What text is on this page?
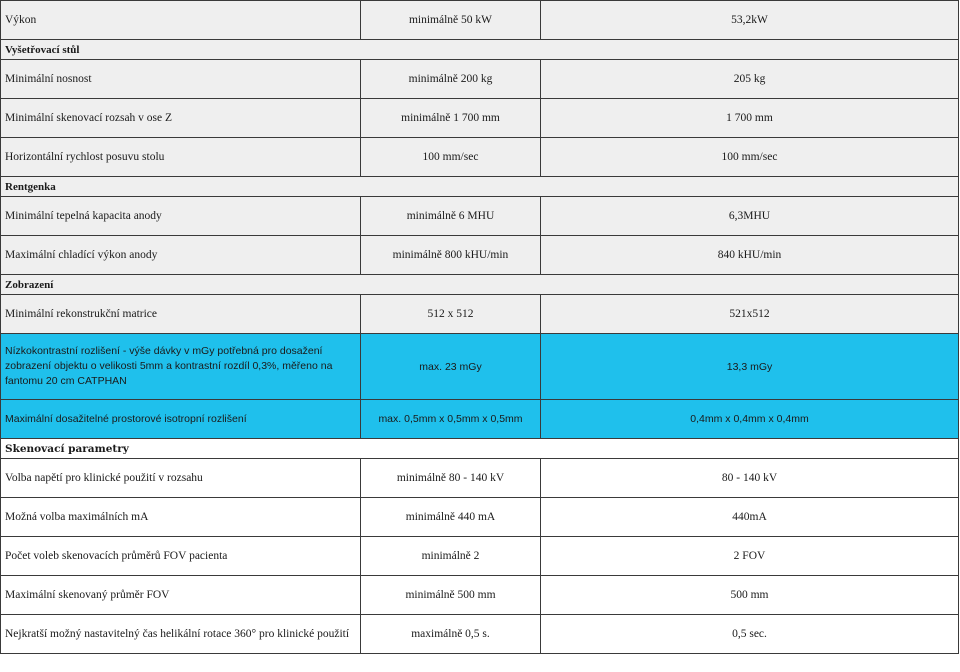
Výkon	minimálně 50 kW	53,2kW
Vyšetřovací stůl		
Minimální nosnost	minimálně 200 kg	205 kg
Minimální skenovací rozsah v ose Z	minimálně 1 700 mm	1 700 mm
Horizontální rychlost posuvu stolu	100 mm/sec	100 mm/sec
Rentgenka		
Minimální tepelná kapacita anody	minimálně 6 MHU	6,3MHU
Maximální chladící výkon anody	minimálně 800 kHU/min	840 kHU/min
Zobrazení		
Minimální rekonstrukční matrice	512 x 512	521x512
Nízkokontrastní rozlišení - výše dávky v mGy potřebná pro dosažení zobrazení objektu o velikosti 5mm a kontrastní rozdíl 0,3%, měřeno na fantomu 20 cm CATPHAN	max. 23 mGy	13,3 mGy
Maximální dosažitelné prostorové isotropní rozlišení	max. 0,5mm x 0,5mm x 0,5mm	0,4mm x 0,4mm x 0,4mm
Skenovací parametry		
Volba napětí pro klinické použití v rozsahu	minimálně 80 - 140 kV	80 - 140 kV
Možná volba maximálních mA	minimálně 440 mA	440mA
Počet voleb skenovacích průměrů FOV pacienta	minimálně 2	2 FOV
Maximální skenovaný průměr FOV	minimálně 500 mm	500 mm
Nejkratší možný nastavitelný čas helikální rotace 360° pro klinické použití	maximálně 0,5 s.	0,5 sec.
